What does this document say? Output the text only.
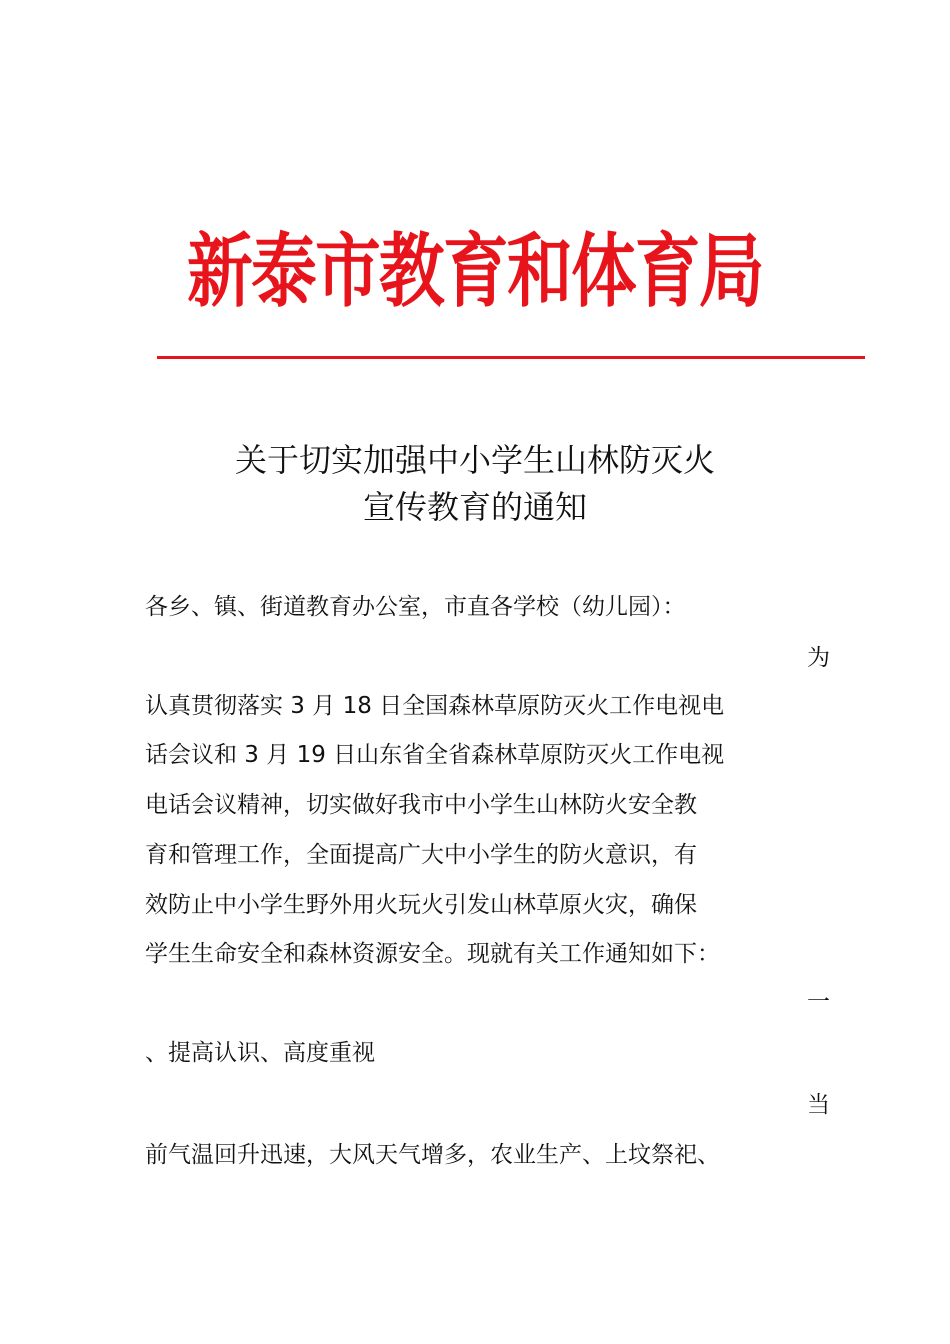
新泰市教育和体育局
关于切实加强中小学生山林防灭火
宣传教育的通知
各乡、镇、街道教育办公室，市直各学校（幼儿园）：
为
认真贯彻落实 3 月 18 日全国森林草原防灭火工作电视电
话会议和 3 月 19 日山东省全省森林草原防灭火工作电视
电话会议精神，切实做好我市中小学生山林防火安全教
育和管理工作，全面提高广大中小学生的防火意识，有
效防止中小学生野外用火玩火引发山林草原火灾，确保
学生生命安全和森林资源安全。现就有关工作通知如下：
一
、提高认识、高度重视
当
前气温回升迅速，大风天气增多，农业生产、上坟祭祀、
